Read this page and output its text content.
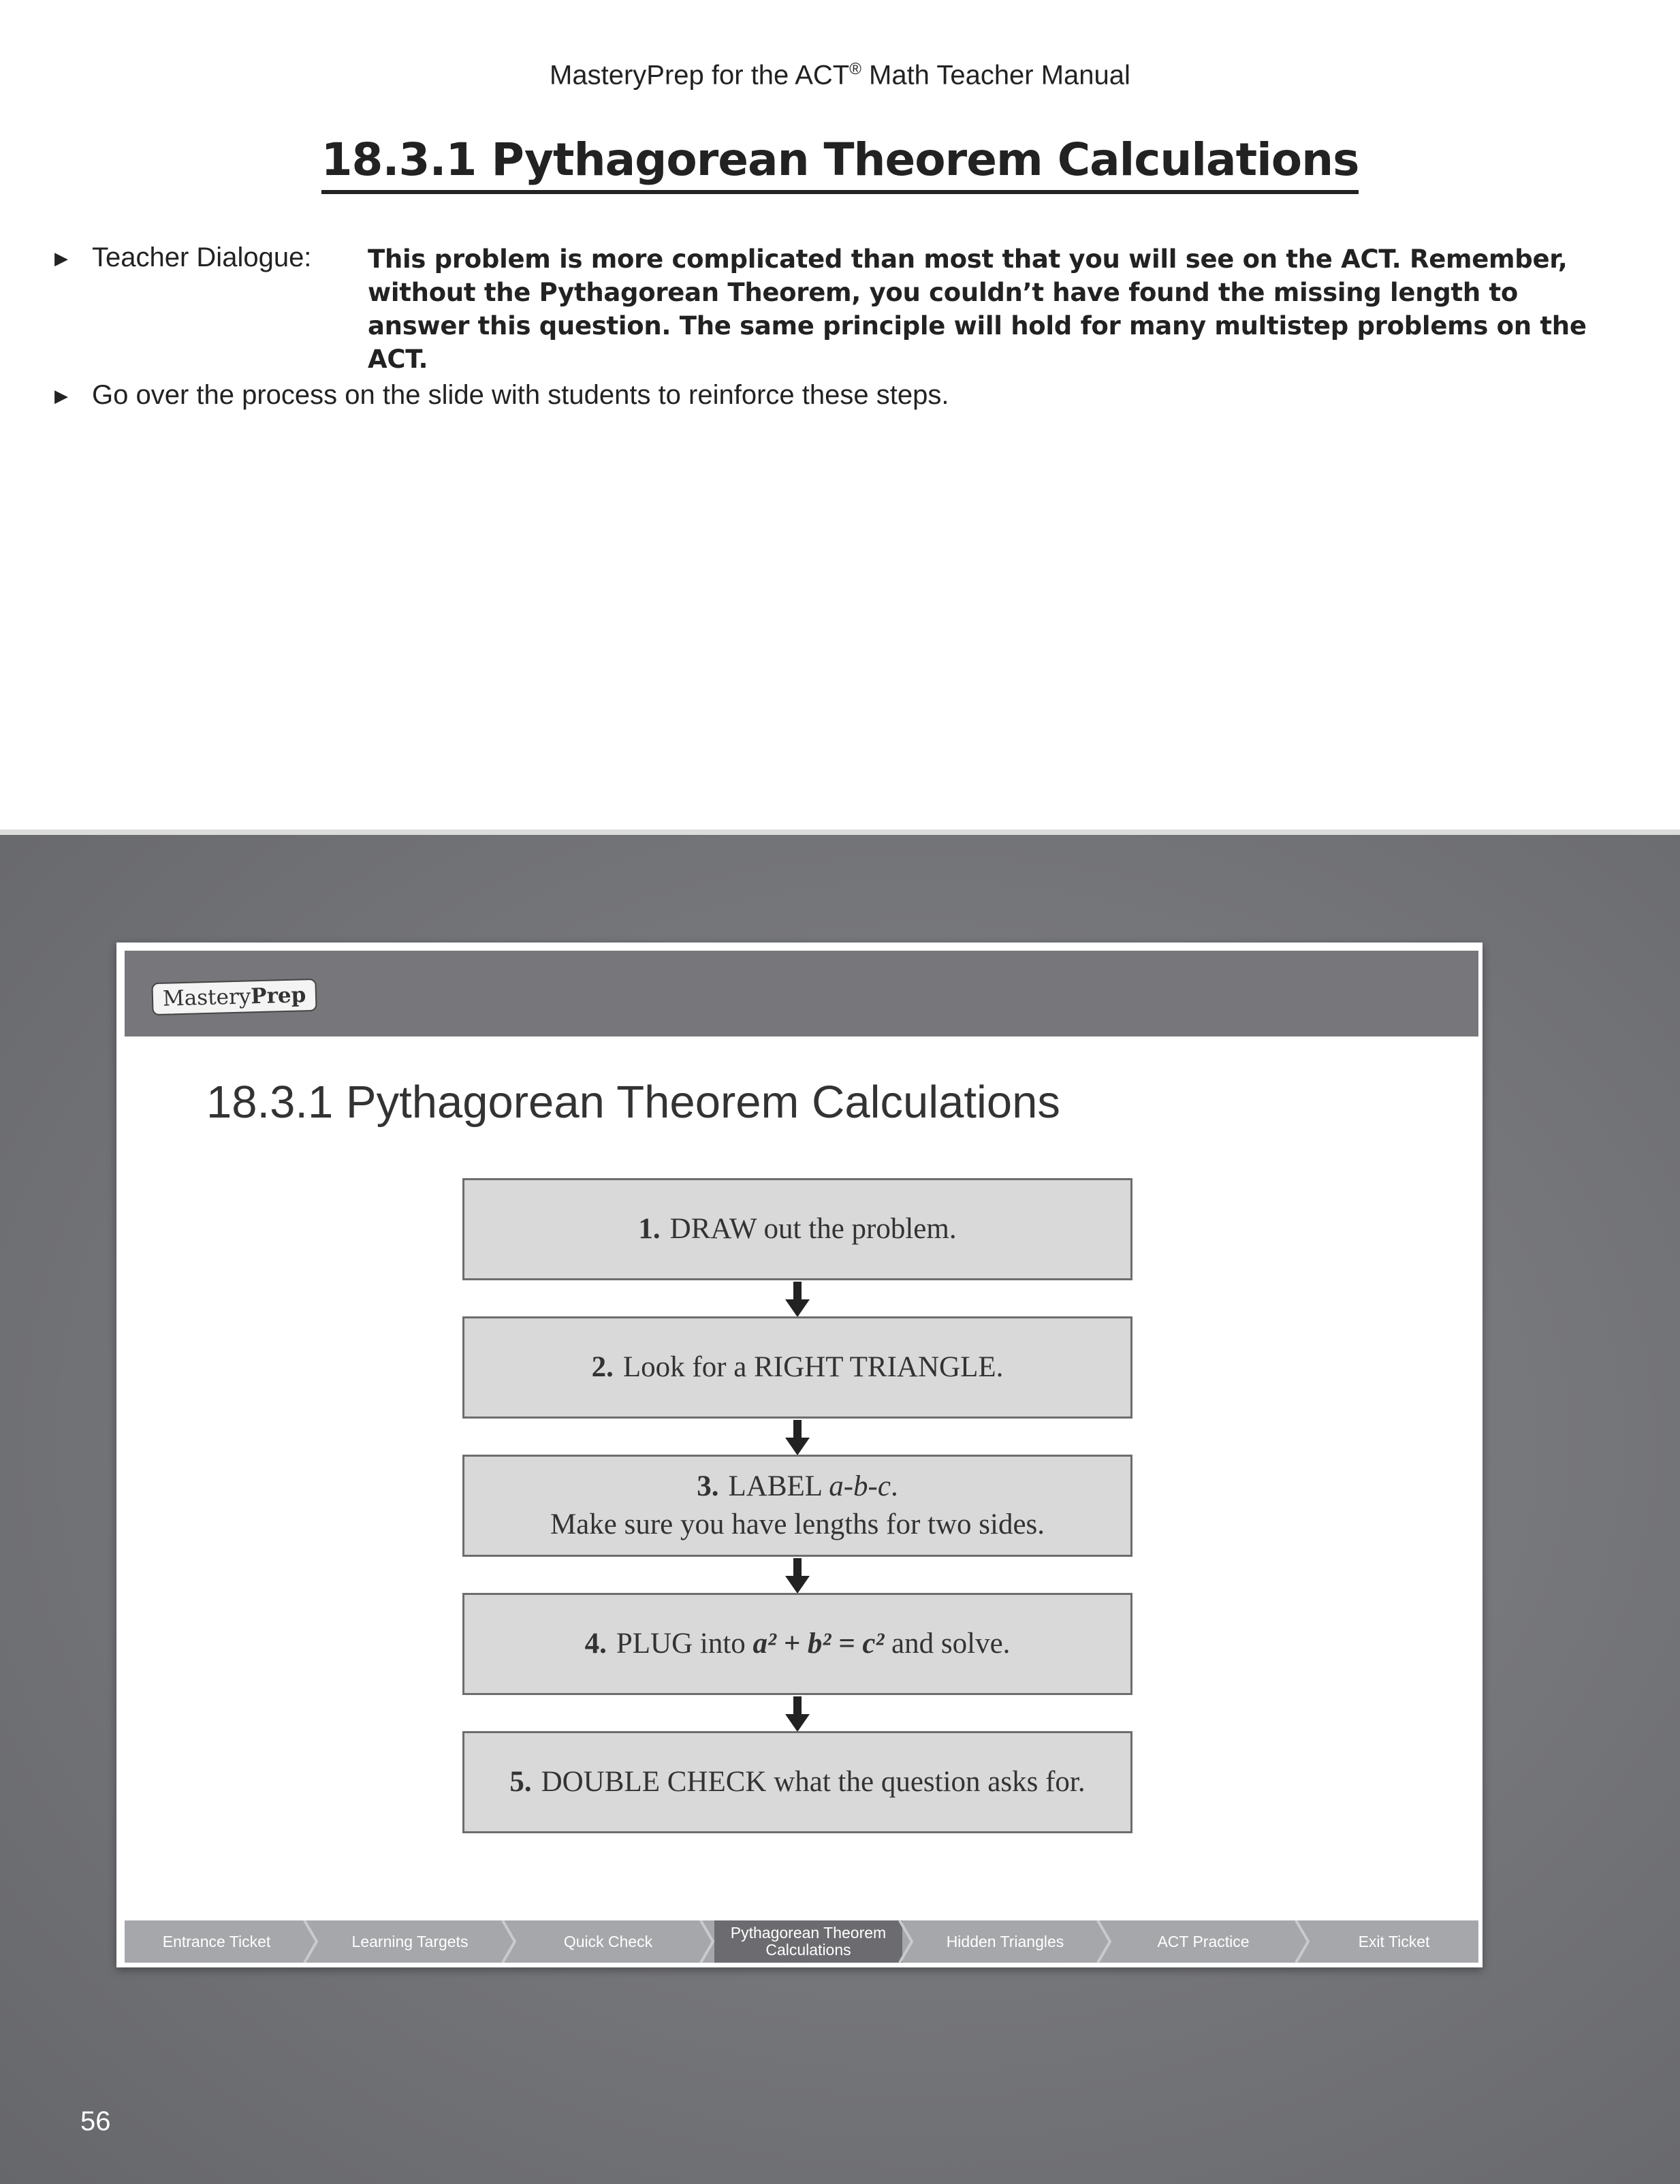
MasteryPrep for the ACT® Math Teacher Manual
18.3.1 Pythagorean Theorem Calculations
▶ Teacher Dialogue: This problem is more complicated than most that you will see on the ACT. Remember, without the Pythagorean Theorem, you couldn’t have found the missing length to answer this question. The same principle will hold for many multistep problems on the ACT.
▶ Go over the process on the slide with students to reinforce these steps.
MasteryPrep
18.3.1 Pythagorean Theorem Calculations
1. DRAW out the problem.
2. Look for a RIGHT TRIANGLE.
3. LABEL a-b-c.
Make sure you have lengths for two sides.
4. PLUG into a² + b² = c² and solve.
5. DOUBLE CHECK what the question asks for.
Entrance Ticket	Learning Targets	Quick Check	Pythagorean Theorem Calculations	Hidden Triangles	ACT Practice	Exit Ticket
56
